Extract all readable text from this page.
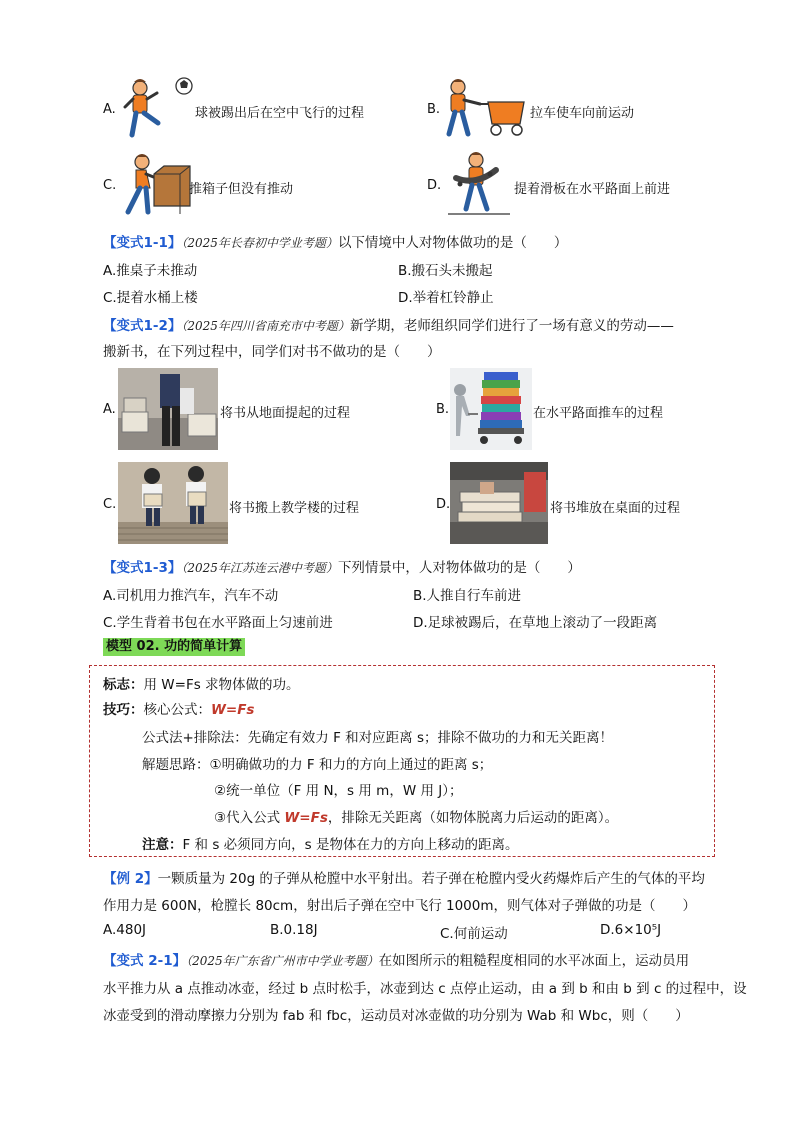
A.	球被踢出后在空中飞行的过程	B.	拉车使车向前运动
C.	推箱子但没有推动	D.	提着滑板在水平路面上前进
【变式1-1】（2025年长春初中学业考题）以下情境中人对物体做功的是（　　）
A.推桌子未推动	B.搬石头未搬起
C.提着水桶上楼	D.举着杠铃静止
【变式1-2】（2025年四川省南充市中考题）新学期，老师组织同学们进行了一场有意义的劳动——
搬新书，在下列过程中，同学们对书不做功的是（　　）
A.	将书从地面提起的过程	B.	在水平路面推车的过程
C.	将书搬上教学楼的过程	D.	将书堆放在桌面的过程
【变式1-3】（2025年江苏连云港中考题）下列情景中，人对物体做功的是（　　）
A.司机用力推汽车，汽车不动	B.人推自行车前进
C.学生背着书包在水平路面上匀速前进	D.足球被踢后，在草地上滚动了一段距离
模型 02. 功的简单计算
标志：用 W=Fs 求物体做的功。
技巧：核心公式：W=Fs
公式法+排除法：先确定有效力 F 和对应距离 s；排除不做功的力和无关距离！
解题思路：①明确做功的力 F 和力的方向上通过的距离 s；
②统一单位（F 用 N，s 用 m，W 用 J）；
③代入公式 W=Fs，排除无关距离（如物体脱离力后运动的距离）。
注意：F 和 s 必须同方向，s 是物体在力的方向上移动的距离。
【例 2】一颗质量为 20g 的子弹从枪膛中水平射出。若子弹在枪膛内受火药爆炸后产生的气体的平均
作用力是 600N，枪膛长 80cm，射出后子弹在空中飞行 1000m，则气体对子弹做的功是（　　）
A.480J	B.0.18J	C.何前运动	D.6×10⁵J
【变式 2-1】（2025年广东省广州市中学业考题）在如图所示的粗糙程度相同的水平冰面上，运动员用
水平推力从 a 点推动冰壶，经过 b 点时松手，冰壶到达 c 点停止运动，由 a 到 b 和由 b 到 c 的过程中，设
冰壶受到的滑动摩擦力分别为 fab 和 fbc，运动员对冰壶做的功分别为 Wab 和 Wbc，则（　　）
